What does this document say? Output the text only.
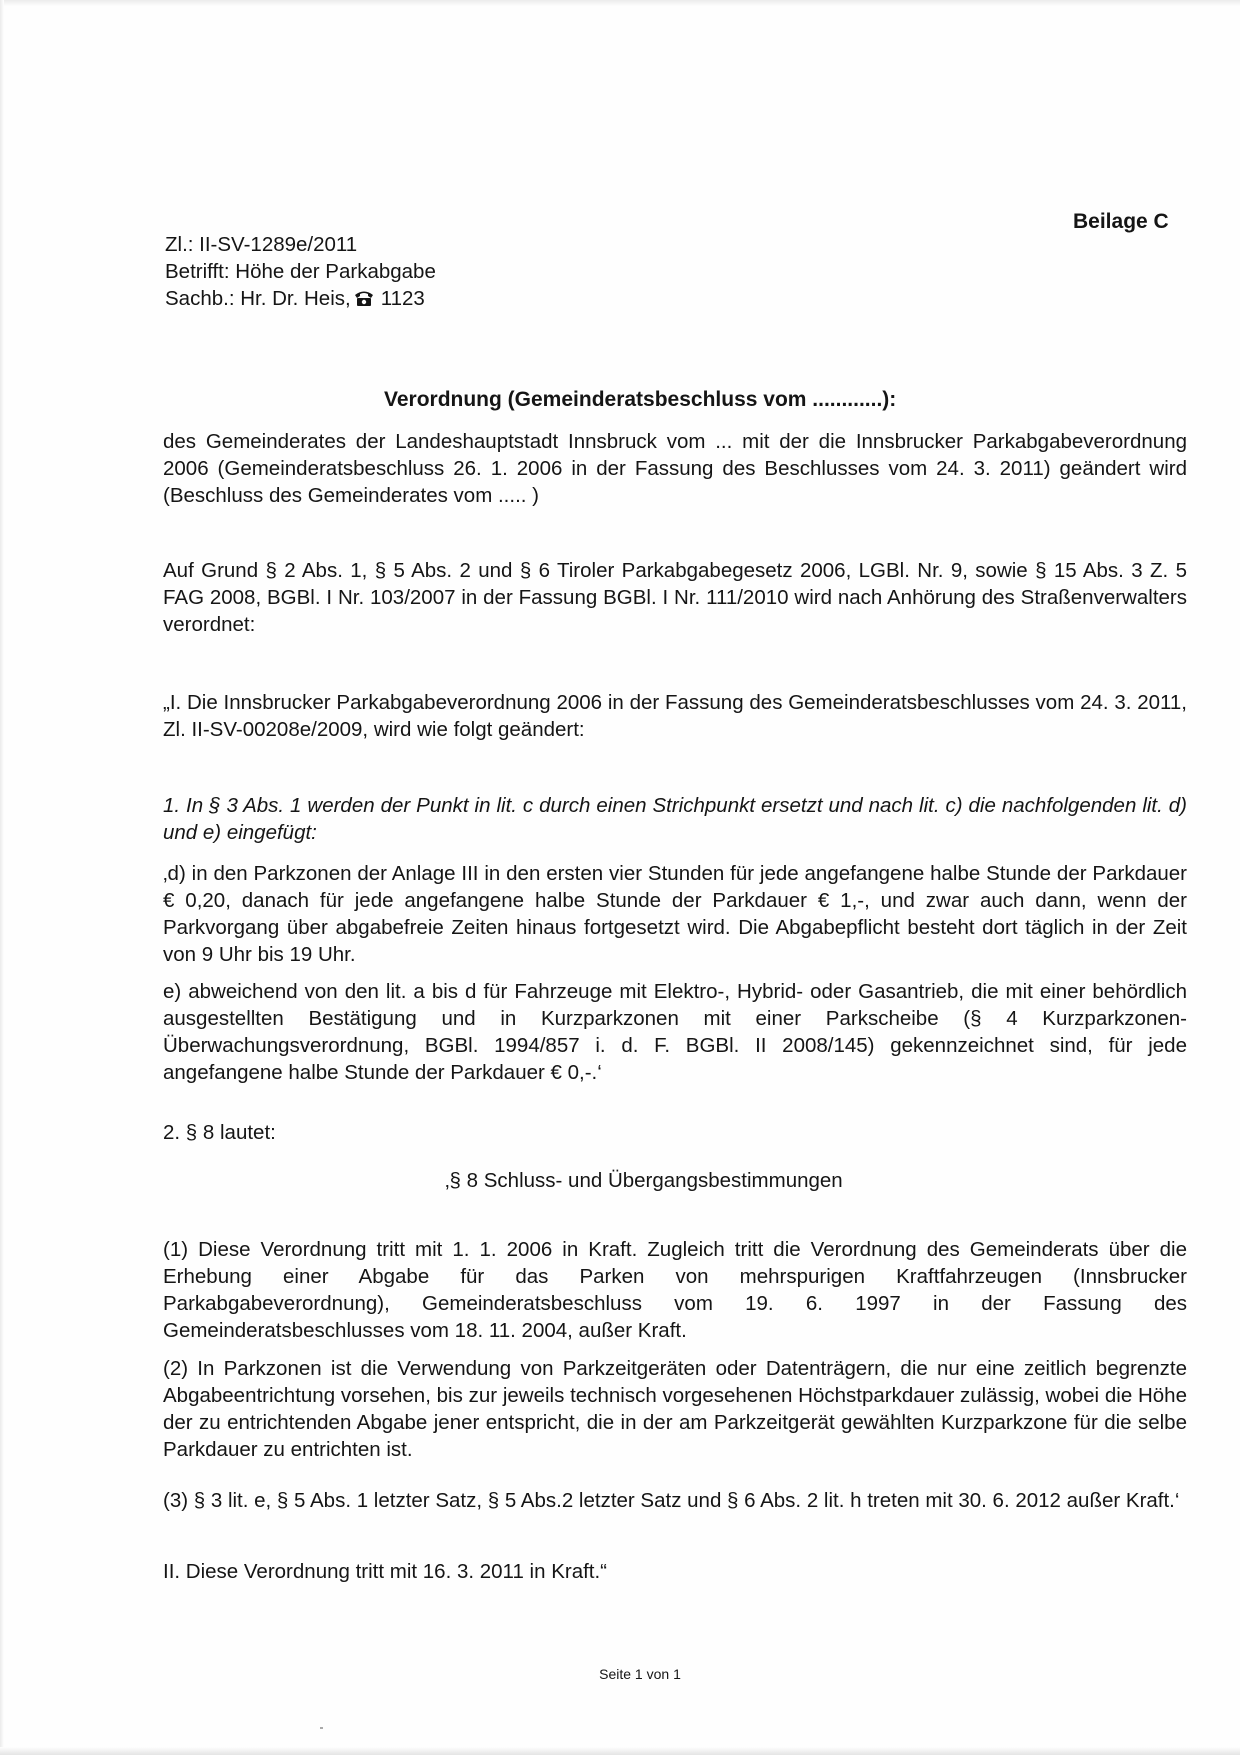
Zl.: II-SV-1289e/2011
Betrifft: Höhe der Parkabgabe
Sachb.: Hr. Dr. Heis, 1123
Beilage C
Verordnung (Gemeinderatsbeschluss vom ............):
des Gemeinderates der Landeshauptstadt Innsbruck vom ... mit der die Innsbrucker Parkabgabeverordnung 2006 (Gemeinderatsbeschluss 26. 1. 2006 in der Fassung des Beschlusses vom 24. 3. 2011) geändert wird (Beschluss des Gemeinderates vom ..... )
Auf Grund § 2 Abs. 1, § 5 Abs. 2 und § 6 Tiroler Parkabgabegesetz 2006, LGBl. Nr. 9, sowie § 15 Abs. 3 Z. 5 FAG 2008, BGBl. I Nr. 103/2007 in der Fassung BGBl. I Nr. 111/2010 wird nach Anhörung des Straßenverwalters verordnet:
„I. Die Innsbrucker Parkabgabeverordnung 2006 in der Fassung des Gemeinderatsbeschlusses vom 24. 3. 2011, Zl. II-SV-00208e/2009, wird wie folgt geändert:
1. In § 3 Abs. 1 werden der Punkt in lit. c durch einen Strichpunkt ersetzt und nach lit. c) die nachfolgenden lit. d) und e) eingefügt:
‚d) in den Parkzonen der Anlage III in den ersten vier Stunden für jede angefangene halbe Stunde der Parkdauer € 0,20, danach für jede angefangene halbe Stunde der Parkdauer € 1,-, und zwar auch dann, wenn der Parkvorgang über abgabefreie Zeiten hinaus fortgesetzt wird. Die Abgabepflicht besteht dort täglich in der Zeit von 9 Uhr bis 19 Uhr.
e) abweichend von den lit. a bis d für Fahrzeuge mit Elektro-, Hybrid- oder Gasantrieb, die mit einer behördlich ausgestellten Bestätigung und in Kurzparkzonen mit einer Parkscheibe (§ 4 Kurzparkzonen-Überwachungsverordnung, BGBl. 1994/857 i. d. F. BGBl. II 2008/145) gekennzeichnet sind, für jede angefangene halbe Stunde der Parkdauer € 0,-.‘
2. § 8 lautet:
‚§ 8 Schluss- und Übergangsbestimmungen
(1) Diese Verordnung tritt mit 1. 1. 2006 in Kraft. Zugleich tritt die Verordnung des Gemeinderats über die Erhebung einer Abgabe für das Parken von mehrspurigen Kraftfahrzeugen (Innsbrucker Parkabgabeverordnung), Gemeinderatsbeschluss vom 19. 6. 1997 in der Fassung des Gemeinderatsbeschlusses vom 18. 11. 2004, außer Kraft.
(2) In Parkzonen ist die Verwendung von Parkzeitgeräten oder Datenträgern, die nur eine zeitlich begrenzte Abgabeentrichtung vorsehen, bis zur jeweils technisch vorgesehenen Höchstparkdauer zulässig, wobei die Höhe der zu entrichtenden Abgabe jener entspricht, die in der am Parkzeitgerät gewählten Kurzparkzone für die selbe Parkdauer zu entrichten ist.
(3) § 3 lit. e, § 5 Abs. 1 letzter Satz, § 5 Abs.2 letzter Satz und § 6 Abs. 2 lit. h treten mit 30. 6. 2012 außer Kraft.‘
II. Diese Verordnung tritt mit 16. 3. 2011 in Kraft.“
Seite 1 von 1
